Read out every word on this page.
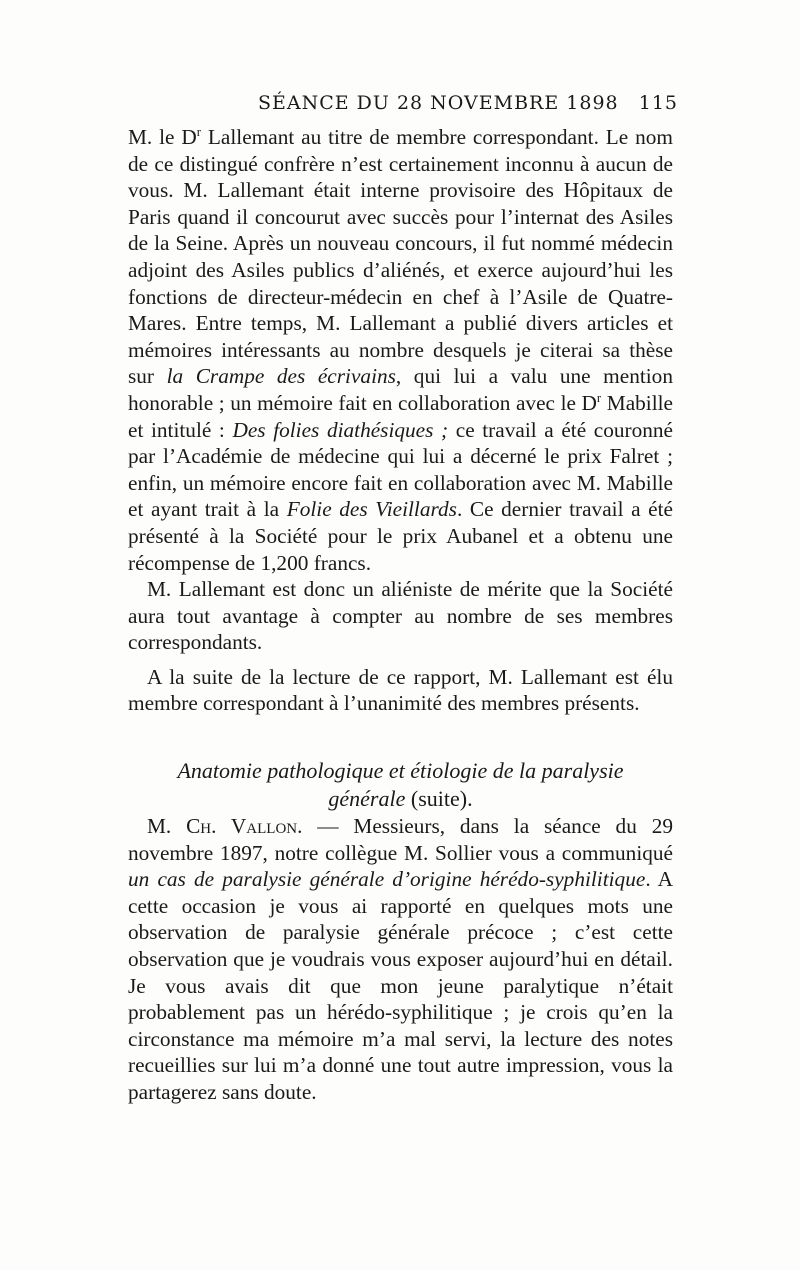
SÉANCE DU 28 NOVEMBRE 1898 115

M. le $D^r$ Lallemant au titre de membre correspondant. Le nom de ce distingué confrère n’est certainement inconnu à aucun de vous. M. Lallemant était interne provisoire des Hôpitaux de Paris quand il concourut avec succès pour l’internat des Asiles de la Seine. Après un nouveau concours, il fut nommé médecin adjoint des Asiles publics d’aliénés, et exerce aujourd’hui les fonctions de directeur-médecin en chef à l’Asile de Quatre-Mares. Entre temps, M. Lallemant a publié divers articles et mémoires intéressants au nombre desquels je citerai sa thèse sur la Crampe des écrivains, qui lui a valu une mention honorable ; un mémoire fait en collaboration avec le $D^r$ Mabille et intitulé : Des folies diathésiques ; ce travail a été couronné par l’Académie de médecine qui lui a décerné le prix Falret ; enfin, un mémoire encore fait en collaboration avec M. Mabille et ayant trait à la Folie des Vieillards. Ce dernier travail a été présenté à la Société pour le prix Aubanel et a obtenu une récompense de 1,200 francs.

M. Lallemant est donc un aliéniste de mérite que la Société aura tout avantage à compter au nombre de ses membres correspondants.

A la suite de la lecture de ce rapport, M. Lallemant est élu membre correspondant à l’unanimité des membres présents.

Anatomie pathologique et étiologie de la paralysie
générale (suite).

M. Ch. Vallon. — Messieurs, dans la séance du 29 novembre 1897, notre collègue M. Sollier vous a communiqué un cas de paralysie générale d’origine hérédo-syphilitique. A cette occasion je vous ai rapporté en quelques mots une observation de paralysie générale précoce ; c’est cette observation que je voudrais vous exposer aujourd’hui en détail. Je vous avais dit que mon jeune paralytique n’était probablement pas un hérédo-syphilitique ; je crois qu’en la circonstance ma mémoire m’a mal servi, la lecture des notes recueillies sur lui m’a donné une tout autre impression, vous la partagerez sans doute.
